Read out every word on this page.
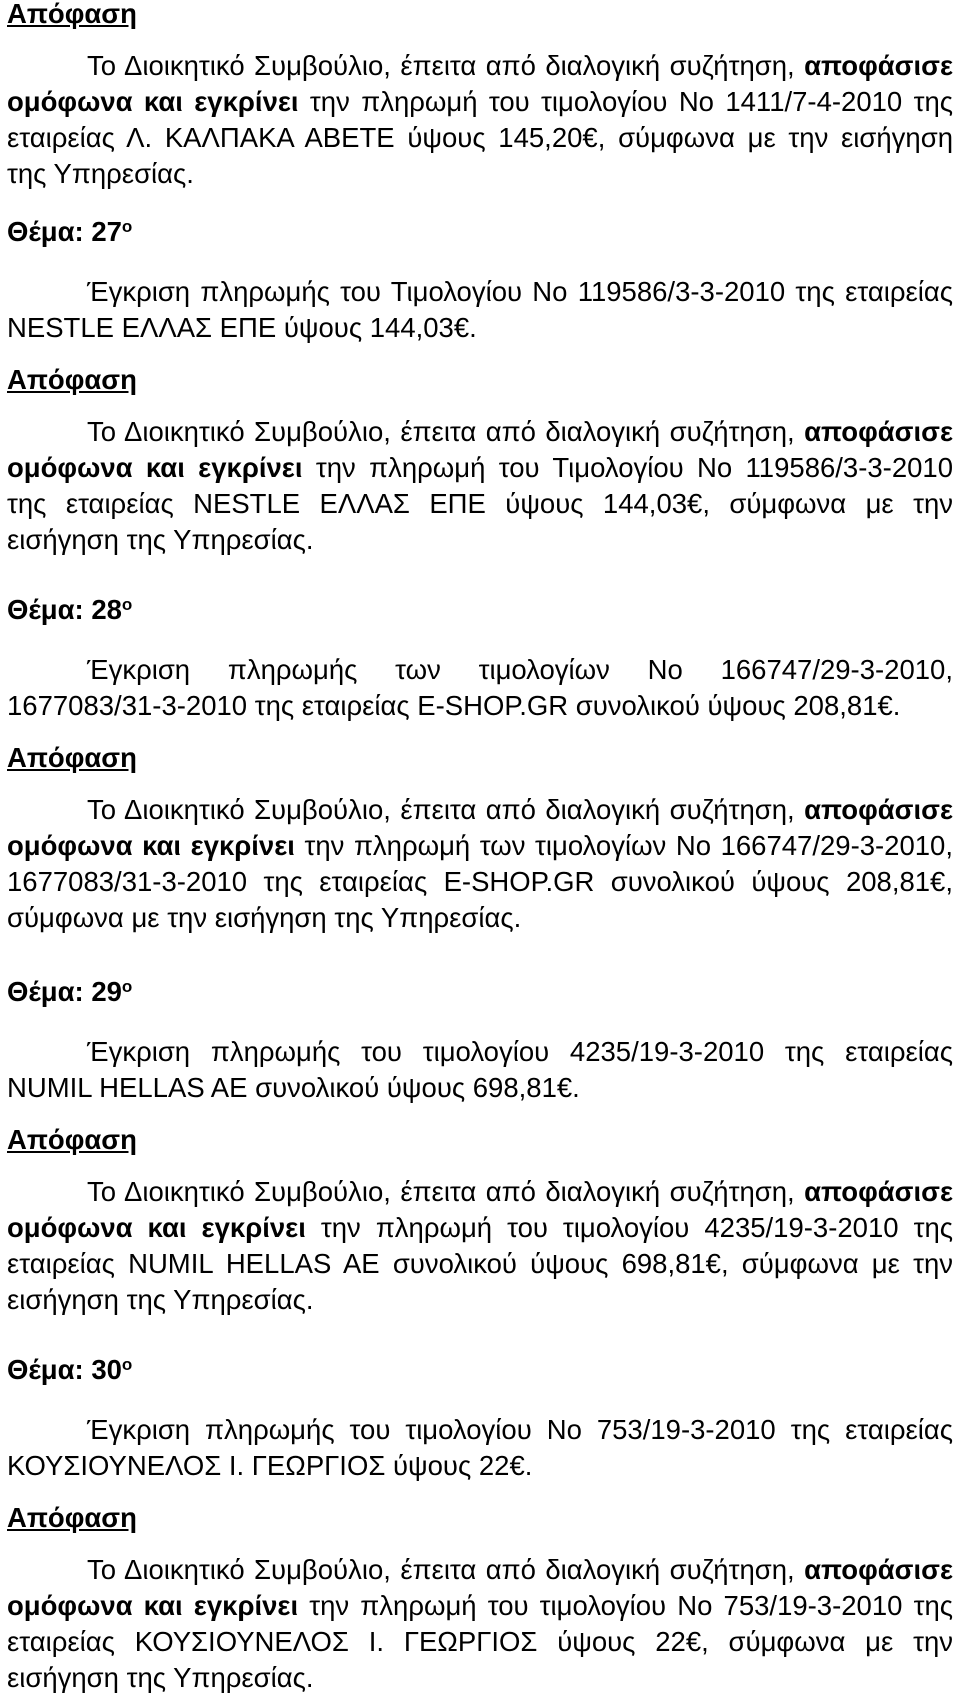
Απόφαση

Το Διοικητικό Συμβούλιο, έπειτα από διαλογική συζήτηση, αποφάσισε ομόφωνα και εγκρίνει την πληρωμή του τιμολογίου Νο 1411/7-4-2010 της εταιρείας Λ. ΚΑΛΠΑΚΑ ΑΒΕΤΕ ύψους 145,20€, σύμφωνα με την εισήγηση της Υπηρεσίας.

Θέμα: $27^o$

Έγκριση πληρωμής του Τιμολογίου Νο 119586/3-3-2010 της εταιρείας NESTLE ΕΛΛΑΣ ΕΠΕ ύψους 144,03€.

Απόφαση

Το Διοικητικό Συμβούλιο, έπειτα από διαλογική συζήτηση, αποφάσισε ομόφωνα και εγκρίνει την πληρωμή του Τιμολογίου Νο 119586/3-3-2010 της εταιρείας NESTLE ΕΛΛΑΣ ΕΠΕ ύψους 144,03€, σύμφωνα με την εισήγηση της Υπηρεσίας.

Θέμα: $28^o$

Έγκριση πληρωμής των τιμολογίων Νο 166747/29-3-2010, 1677083/31-3-2010 της εταιρείας E-SHOP.GR συνολικού ύψους 208,81€.

Απόφαση

Το Διοικητικό Συμβούλιο, έπειτα από διαλογική συζήτηση, αποφάσισε ομόφωνα και εγκρίνει την πληρωμή των τιμολογίων Νο 166747/29-3-2010, 1677083/31-3-2010 της εταιρείας E-SHOP.GR συνολικού ύψους 208,81€, σύμφωνα με την εισήγηση της Υπηρεσίας.

Θέμα: $29^o$

Έγκριση πληρωμής του τιμολογίου 4235/19-3-2010 της εταιρείας NUMIL HELLAS AE συνολικού ύψους 698,81€.

Απόφαση

Το Διοικητικό Συμβούλιο, έπειτα από διαλογική συζήτηση, αποφάσισε ομόφωνα και εγκρίνει την πληρωμή του τιμολογίου 4235/19-3-2010 της εταιρείας NUMIL HELLAS AE συνολικού ύψους 698,81€, σύμφωνα με την εισήγηση της Υπηρεσίας.

Θέμα: $30^o$

Έγκριση πληρωμής του τιμολογίου Νο 753/19-3-2010 της εταιρείας ΚΟΥΣΙΟΥΝΕΛΟΣ Ι. ΓΕΩΡΓΙΟΣ ύψους 22€.

Απόφαση

Το Διοικητικό Συμβούλιο, έπειτα από διαλογική συζήτηση, αποφάσισε ομόφωνα και εγκρίνει την πληρωμή του τιμολογίου Νο 753/19-3-2010 της εταιρείας ΚΟΥΣΙΟΥΝΕΛΟΣ Ι. ΓΕΩΡΓΙΟΣ ύψους 22€, σύμφωνα με την εισήγηση της Υπηρεσίας.
